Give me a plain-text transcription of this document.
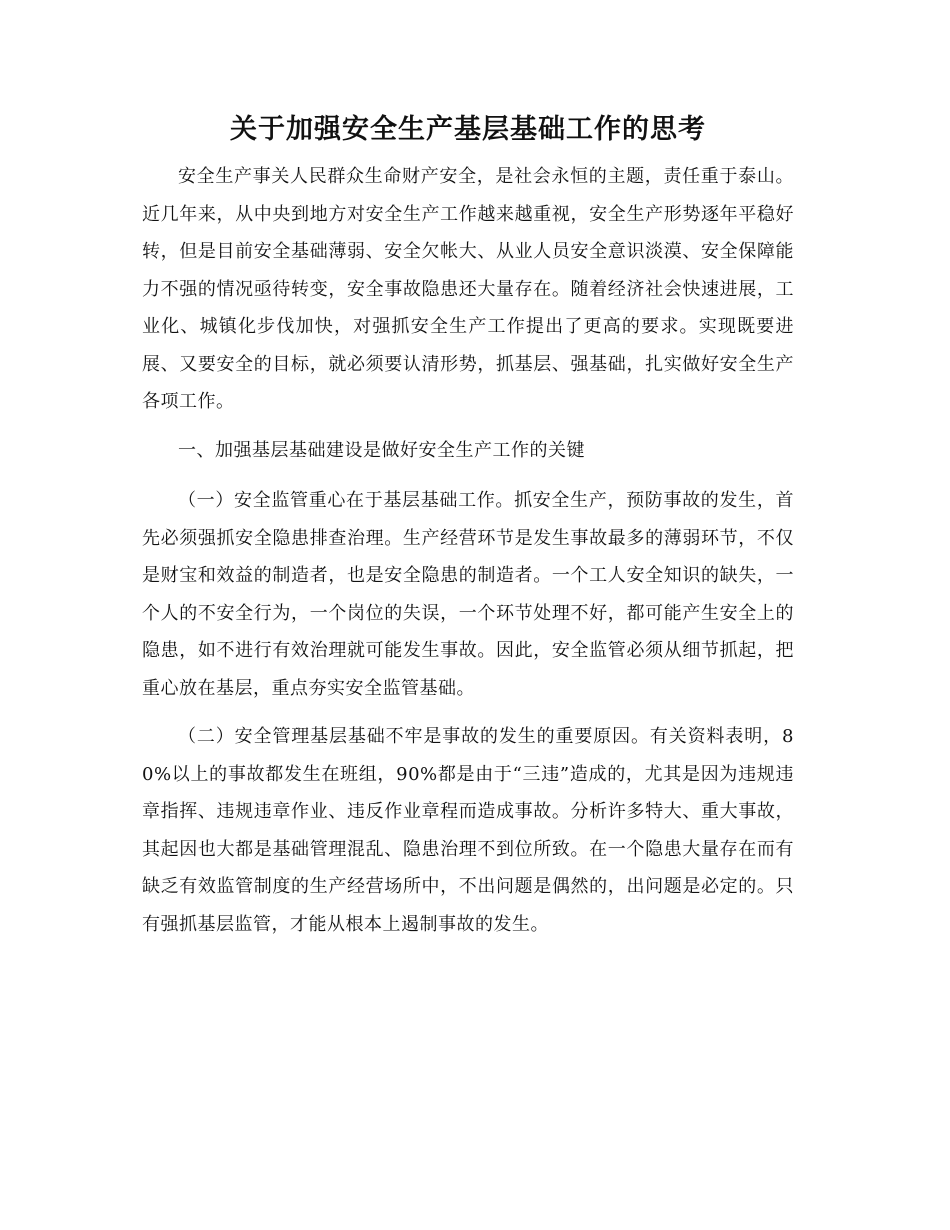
关于加强安全生产基层基础工作的思考

安全生产事关人民群众生命财产安全，是社会永恒的主题，责任重于泰山。近几年来，从中央到地方对安全生产工作越来越重视，安全生产形势逐年平稳好转，但是目前安全基础薄弱、安全欠帐大、从业人员安全意识淡漠、安全保障能力不强的情况亟待转变，安全事故隐患还大量存在。随着经济社会快速进展，工业化、城镇化步伐加快，对强抓安全生产工作提出了更高的要求。实现既要进展、又要安全的目标，就必须要认清形势，抓基层、强基础，扎实做好安全生产各项工作。

一、加强基层基础建设是做好安全生产工作的关键

（一）安全监管重心在于基层基础工作。抓安全生产，预防事故的发生，首先必须强抓安全隐患排查治理。生产经营环节是发生事故最多的薄弱环节，不仅是财宝和效益的制造者，也是安全隐患的制造者。一个工人安全知识的缺失，一个人的不安全行为，一个岗位的失误，一个环节处理不好，都可能产生安全上的隐患，如不进行有效治理就可能发生事故。因此，安全监管必须从细节抓起，把重心放在基层，重点夯实安全监管基础。

（二）安全管理基层基础不牢是事故的发生的重要原因。有关资料表明，80%以上的事故都发生在班组，90%都是由于“三违”造成的，尤其是因为违规违章指挥、违规违章作业、违反作业章程而造成事故。分析许多特大、重大事故，其起因也大都是基础管理混乱、隐患治理不到位所致。在一个隐患大量存在而有缺乏有效监管制度的生产经营场所中，不出问题是偶然的，出问题是必定的。只有强抓基层监管，才能从根本上遏制事故的发生。
